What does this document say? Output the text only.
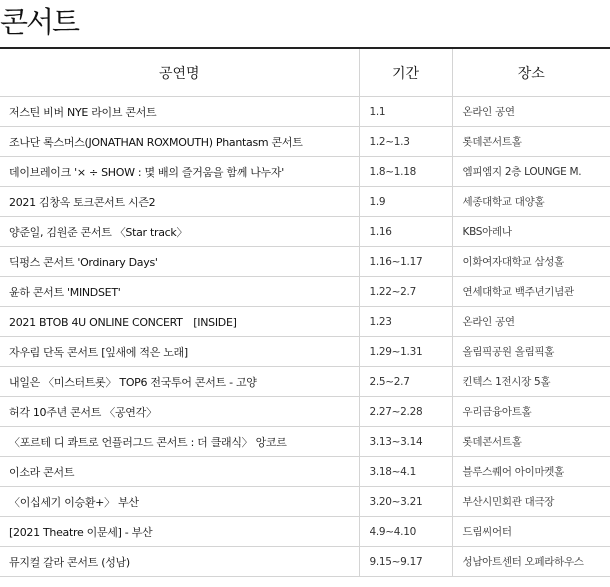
콘서트
공연명	기간	장소
저스틴 비버 NYE 라이브 콘서트	1.1	온라인 공연
조나단 록스머스(JONATHAN ROXMOUTH) Phantasm 콘서트	1.2~1.3	롯데콘서트홀
데이브레이크 '× ÷ SHOW : 몇 배의 즐거움을 함께 나누자'	1.8~1.18	엠피엠지 2층 LOUNGE M.
2021 김창옥 토크콘서트 시즌2	1.9	세종대학교 대양홀
양준일, 김원준 콘서트 〈Star track〉	1.16	KBS아레나
딕펑스 콘서트 'Ordinary Days'	1.16~1.17	이화여자대학교 삼성홀
윤하 콘서트 'MINDSET'	1.22~2.7	연세대학교 백주년기념관
2021 BTOB 4U ONLINE CONCERT　[INSIDE]	1.23	온라인 공연
자우림 단독 콘서트 [잎새에 적은 노래]	1.29~1.31	올림픽공원 올림픽홀
내일은 〈미스터트롯〉 TOP6 전국투어 콘서트 - 고양	2.5~2.7	킨텍스 1전시장 5홀
허각 10주년 콘서트 〈공연각〉	2.27~2.28	우리금융아트홀
〈포르테 디 콰트로 언플러그드 콘서트 : 더 클래식〉 앙코르	3.13~3.14	롯데콘서트홀
이소라 콘서트	3.18~4.1	블루스퀘어 아이마켓홀
〈이십세기 이승환+〉 부산	3.20~3.21	부산시민회관 대극장
[2021 Theatre 이문세] - 부산	4.9~4.10	드림씨어터
뮤지컬 갈라 콘서트 (성남)	9.15~9.17	성남아트센터 오페라하우스
